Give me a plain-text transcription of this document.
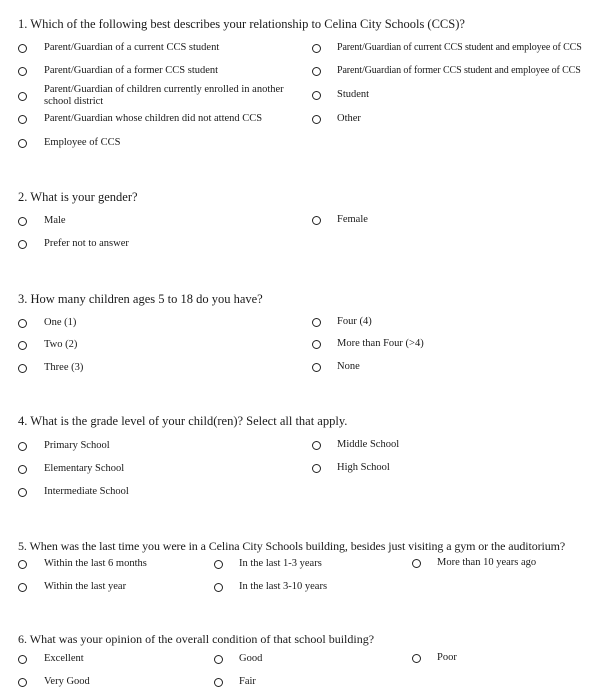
1. Which of the following best describes your relationship to Celina City Schools (CCS)?
Parent/Guardian of a current CCS student
Parent/Guardian of a former CCS student
Parent/Guardian of children currently enrolled in another school district
Parent/Guardian whose children did not attend CCS
Employee of CCS
Parent/Guardian of current CCS student and employee of CCS
Parent/Guardian of former CCS student and employee of CCS
Student
Other
2. What is your gender?
Male
Prefer not to answer
Female
3. How many children ages 5 to 18 do you have?
One (1)
Two (2)
Three (3)
Four (4)
More than Four (>4)
None
4. What is the grade level of your child(ren)? Select all that apply.
Primary School
Elementary School
Intermediate School
Middle School
High School
5. When was the last time you were in a Celina City Schools building, besides just visiting a gym or the auditorium?
Within the last 6 months
Within the last year
In the last 1-3 years
In the last 3-10 years
More than 10 years ago
6. What was your opinion of the overall condition of that school building?
Excellent
Very Good
Good
Fair
Poor
